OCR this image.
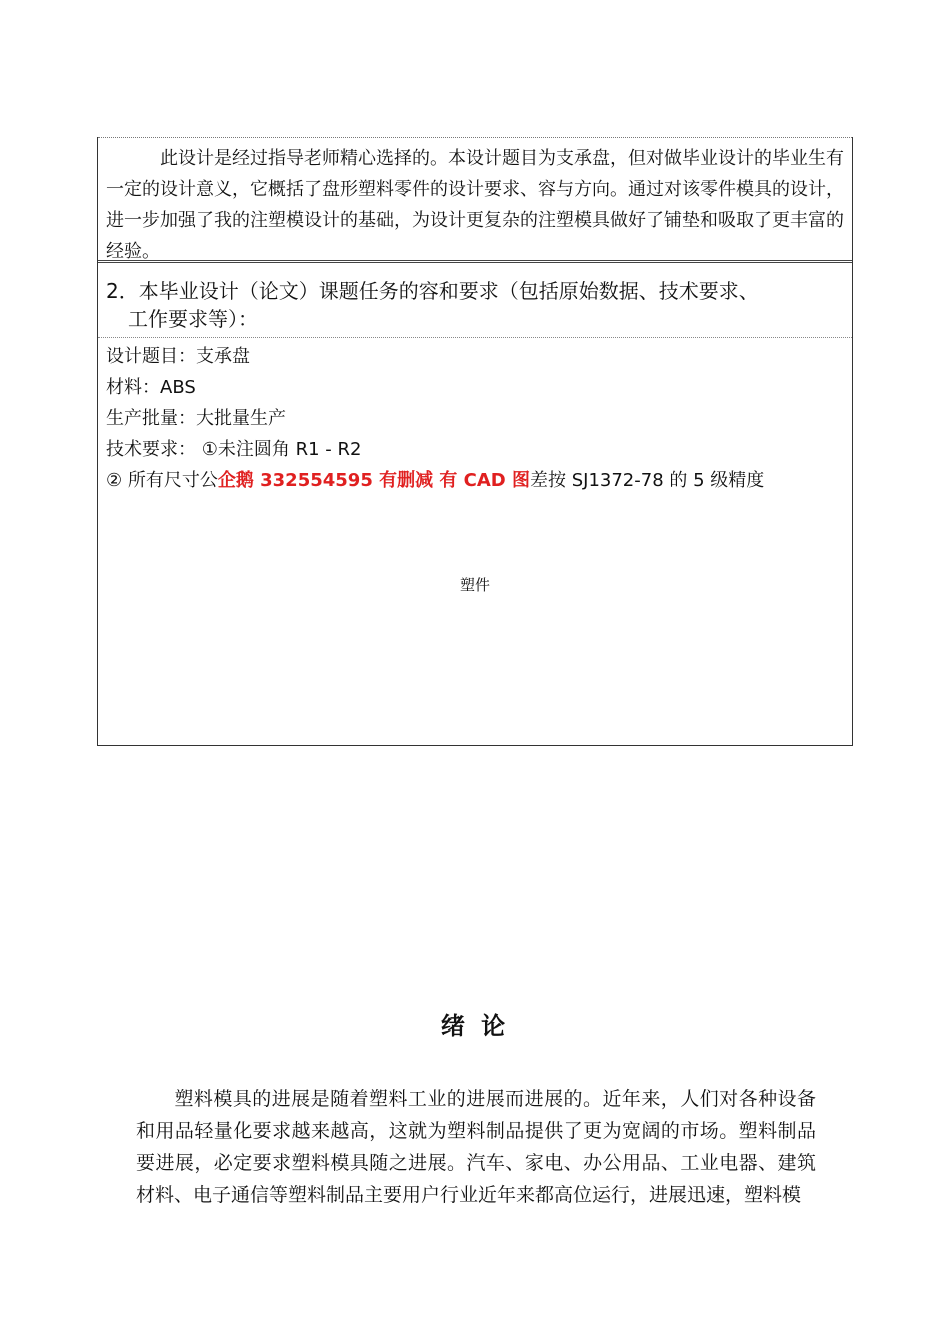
此设计是经过指导老师精心选择的。本设计题目为支承盘，但对做毕业设计的毕业生有一定的设计意义，它概括了盘形塑料零件的设计要求、容与方向。通过对该零件模具的设计，进一步加强了我的注塑模设计的基础，为设计更复杂的注塑模具做好了铺垫和吸取了更丰富的经验。
2．本毕业设计（论文）课题任务的容和要求（包括原始数据、技术要求、
工作要求等）：
设计题目：支承盘
材料：ABS
生产批量：大批量生产
技术要求： ①未注圆角 R1 - R2
② 所有尺寸公企鹅 332554595 有删减 有 CAD 图差按 SJ1372-78 的 5 级精度
塑件
绪 论
塑料模具的进展是随着塑料工业的进展而进展的。近年来，人们对各种设备和用品轻量化要求越来越高，这就为塑料制品提供了更为宽阔的市场。塑料制品要进展，必定要求塑料模具随之进展。汽车、家电、办公用品、工业电器、建筑材料、电子通信等塑料制品主要用户行业近年来都高位运行，进展迅速，塑料模
